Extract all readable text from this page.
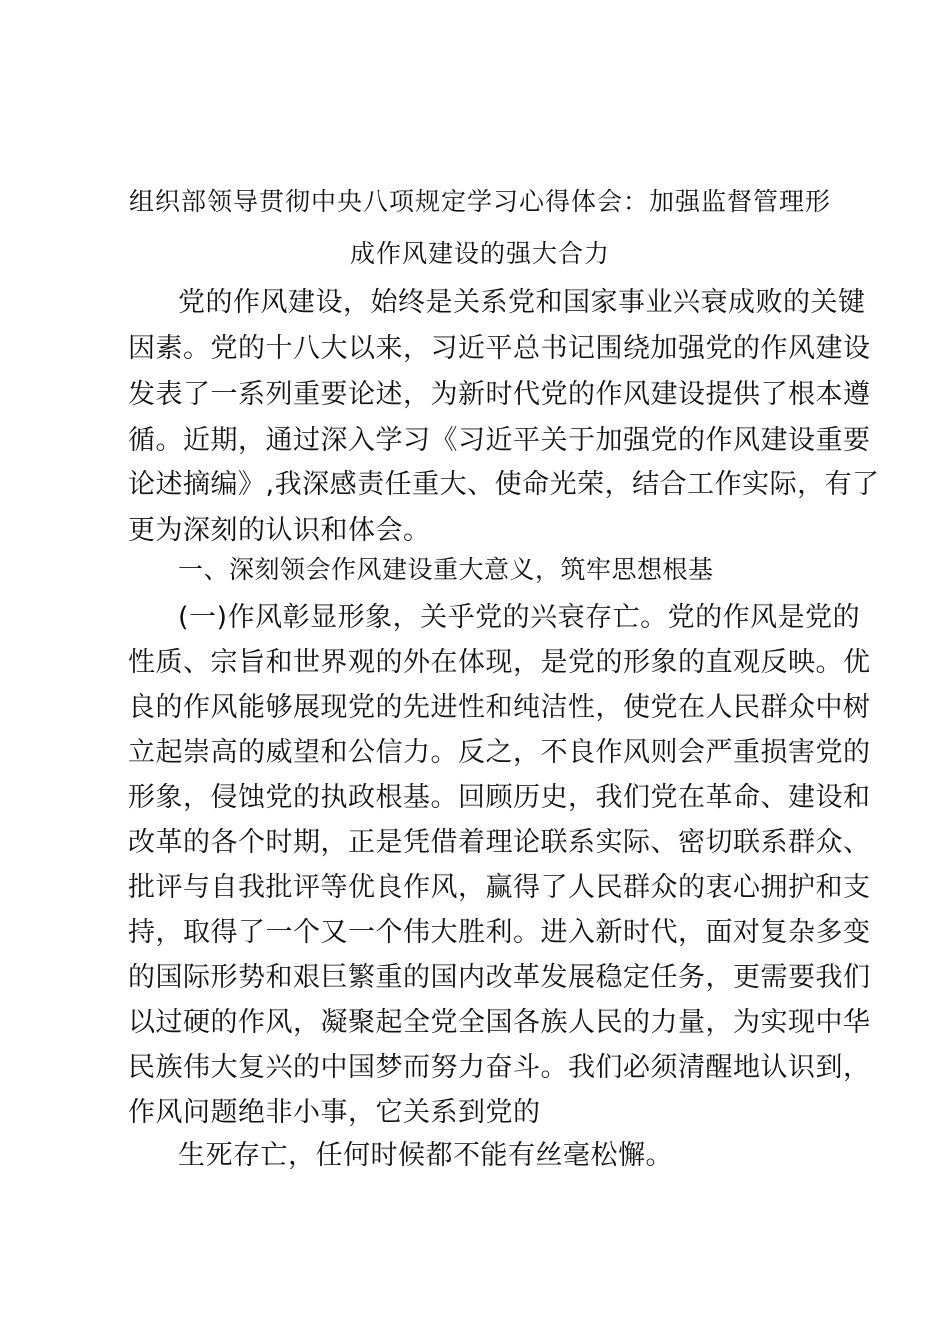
组织部领导贯彻中央八项规定学习心得体会：加强监督管理形
成作风建设的强大合力
党的作风建设，始终是关系党和国家事业兴衰成败的关键
因素。党的十八大以来，习近平总书记围绕加强党的作风建设
发表了一系列重要论述，为新时代党的作风建设提供了根本遵
循。近期，通过深入学习《习近平关于加强党的作风建设重要
论述摘编》,我深感责任重大、使命光荣，结合工作实际，有了
更为深刻的认识和体会。
一、深刻领会作风建设重大意义，筑牢思想根基
(一)作风彰显形象，关乎党的兴衰存亡。党的作风是党的
性质、宗旨和世界观的外在体现，是党的形象的直观反映。优
良的作风能够展现党的先进性和纯洁性，使党在人民群众中树
立起崇高的威望和公信力。反之，不良作风则会严重损害党的
形象，侵蚀党的执政根基。回顾历史，我们党在革命、建设和
改革的各个时期，正是凭借着理论联系实际、密切联系群众、
批评与自我批评等优良作风，赢得了人民群众的衷心拥护和支
持，取得了一个又一个伟大胜利。进入新时代，面对复杂多变
的国际形势和艰巨繁重的国内改革发展稳定任务，更需要我们
以过硬的作风，凝聚起全党全国各族人民的力量，为实现中华
民族伟大复兴的中国梦而努力奋斗。我们必须清醒地认识到，
作风问题绝非小事，它关系到党的
生死存亡，任何时候都不能有丝毫松懈。
